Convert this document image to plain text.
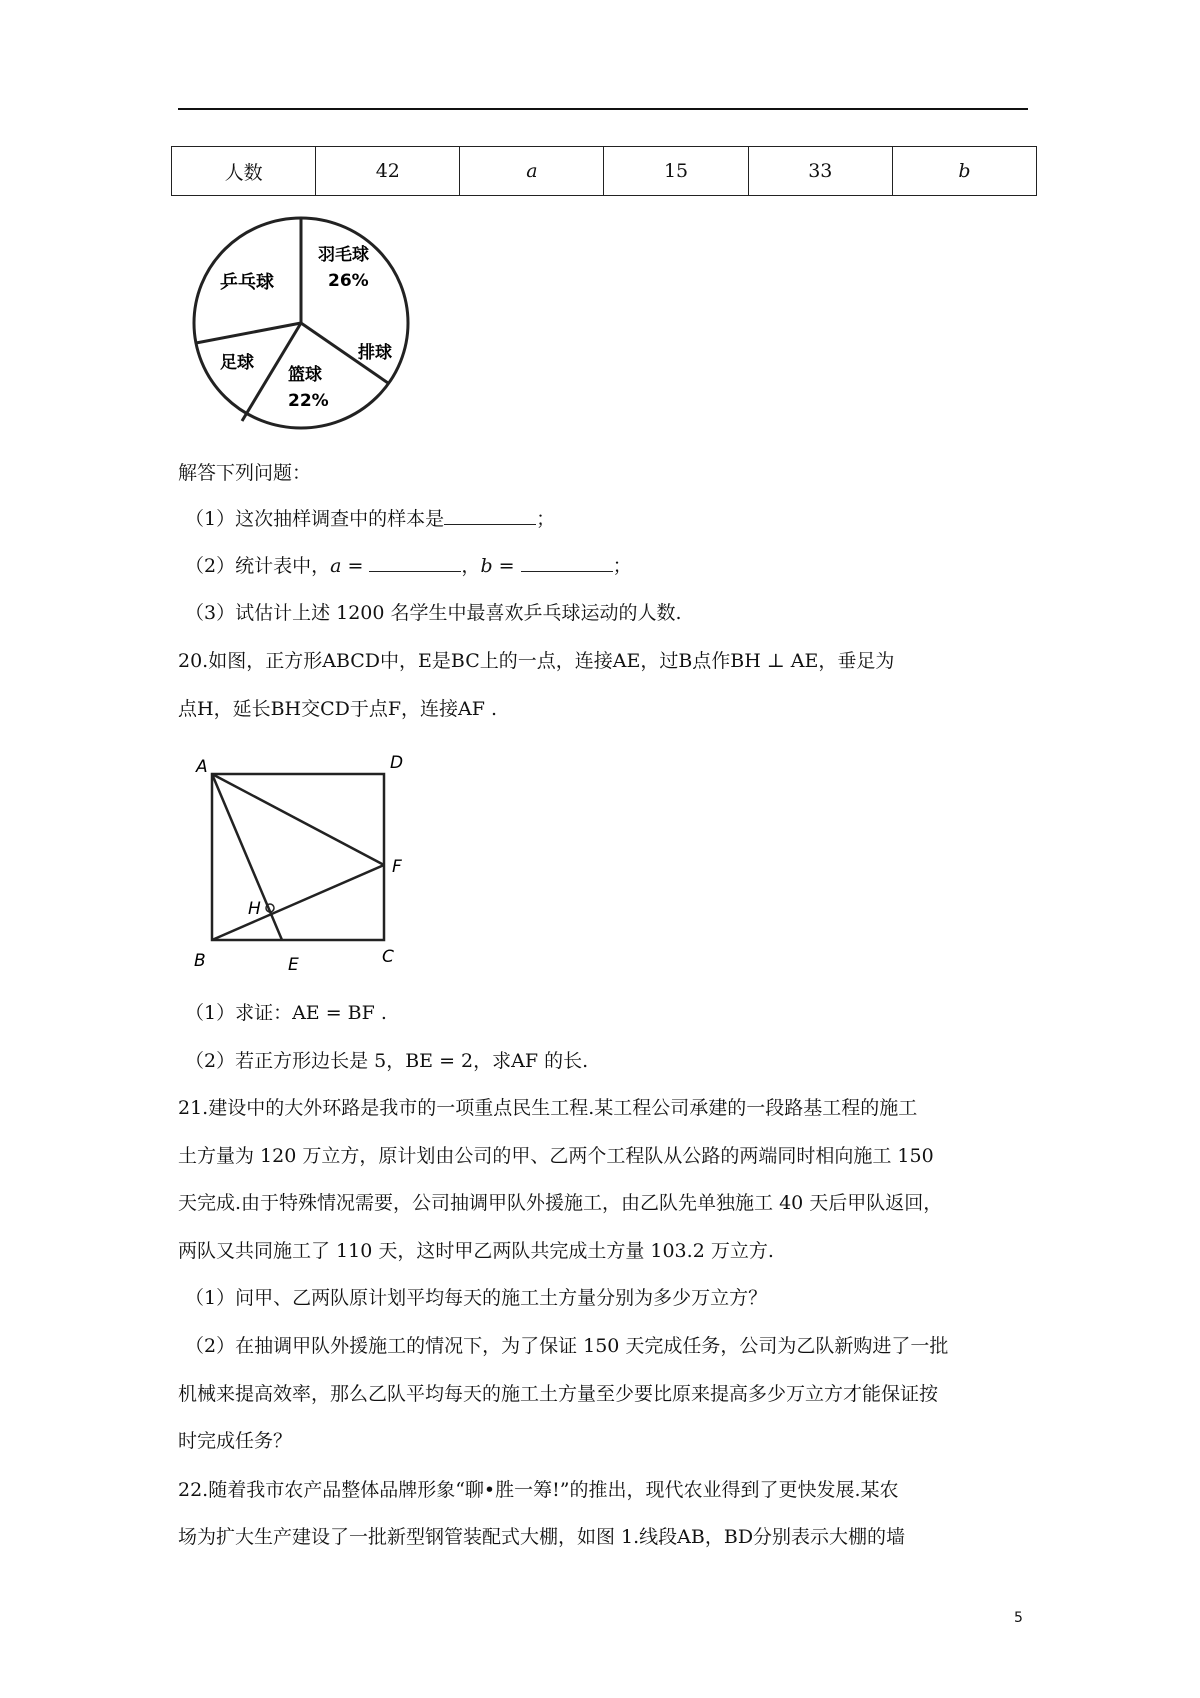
人数	42	a	15	33	b
乒乓球
羽毛球
26%
足球	排球
篮球
22%
解答下列问题：
（1）这次抽样调查中的样本是	；
（2）统计表中，a =	，b =	；
（3）试估计上述 1200 名学生中最喜欢乒乓球运动的人数.
20.如图，正方形ABCD中，E是BC上的一点，连接AE，过B点作BH ⊥ AE，垂足为
点H，延长BH交CD于点F，连接AF .
A	D
F
H
B	E	C
（1）求证：AE = BF .
（2）若正方形边长是 5，BE = 2，求AF 的长.
21.建设中的大外环路是我市的一项重点民生工程.某工程公司承建的一段路基工程的施工
土方量为 120 万立方，原计划由公司的甲、乙两个工程队从公路的两端同时相向施工 150
天完成.由于特殊情况需要，公司抽调甲队外援施工，由乙队先单独施工 40 天后甲队返回，
两队又共同施工了 110 天，这时甲乙两队共完成土方量 103.2 万立方.
（1）问甲、乙两队原计划平均每天的施工土方量分别为多少万立方？
（2）在抽调甲队外援施工的情况下，为了保证 150 天完成任务，公司为乙队新购进了一批
机械来提高效率，那么乙队平均每天的施工土方量至少要比原来提高多少万立方才能保证按
时完成任务？
22.随着我市农产品整体品牌形象“聊•胜一筹!”的推出，现代农业得到了更快发展.某农
场为扩大生产建设了一批新型钢管装配式大棚，如图 1.线段AB，BD分别表示大棚的墙
5
